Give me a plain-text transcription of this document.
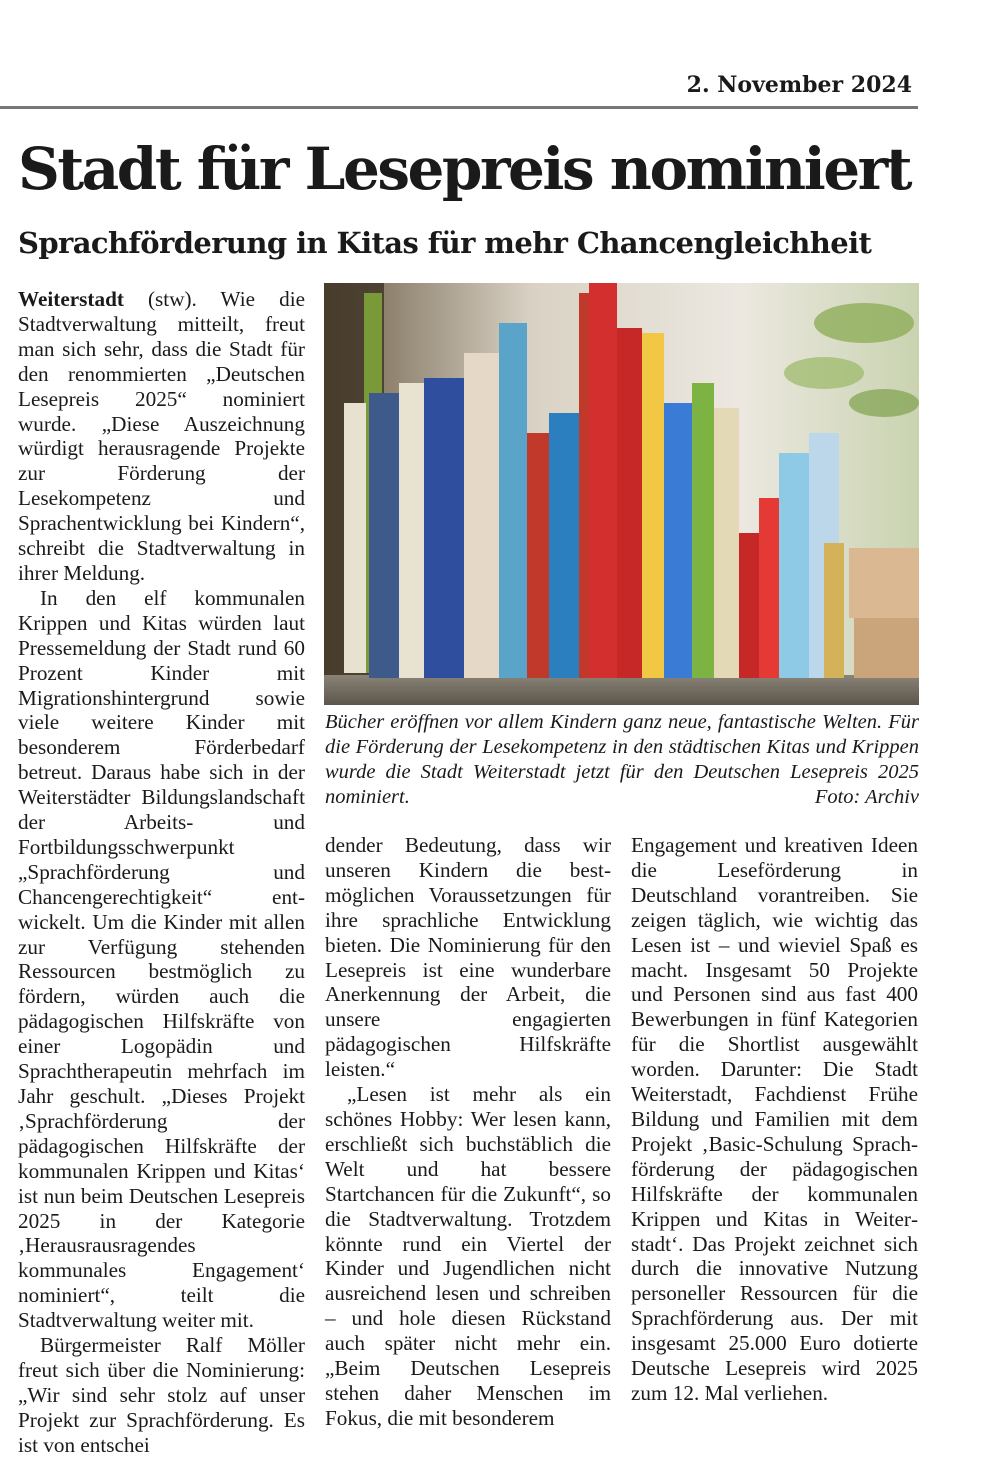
2. November 2024
Stadt für Lesepreis nominiert
Sprachförderung in Kitas für mehr Chancengleichheit

Weiterstadt (stw). Wie die Stadtverwaltung mitteilt, freut man sich sehr, dass die Stadt für den renommierten „Deutschen Lesepreis 2025“ nominiert wurde. „Diese Auszeichnung würdigt herausragende Projekte zur Förderung der Lesekompetenz und Sprachentwicklung bei Kindern“, schreibt die Stadtverwaltung in ihrer Meldung.

In den elf kommunalen Krippen und Kitas würden laut Pressemeldung der Stadt rund 60 Prozent Kinder mit Migrationshintergrund sowie viele weitere Kinder mit besonderem Förderbedarf betreut. Daraus habe sich in der Weiterstädter Bildungslandschaft der Arbeits- und Fortbildungsschwerpunkt „Sprachförderung und Chancengerechtigkeit“ entwickelt. Um die Kinder mit allen zur Verfügung stehenden Ressourcen bestmöglich zu fördern, würden auch die pädagogischen Hilfskräfte von einer Logopädin und Sprachtherapeutin mehrfach im Jahr geschult. „Dieses Projekt ‚Sprachförderung der pädagogischen Hilfskräfte der kommunalen Krippen und Kitas‘ ist nun beim Deutschen Lesepreis 2025 in der Kategorie ‚Herausrausragendes kommunales Engagement‘ nominiert“, teilt die Stadtverwaltung weiter mit.

Bürgermeister Ralf Möller freut sich über die Nominierung: „Wir sind sehr stolz auf unser Projekt zur Sprachförderung. Es ist von entschei

Bücher eröffnen vor allem Kindern ganz neue, fantastische Welten. Für die Förderung der Lesekompetenz in den städtischen Kitas und Krippen wurde die Stadt Weiterstadt jetzt für den Deutschen Lesepreis 2025 nominiert.	Foto: Archiv

dender Bedeutung, dass wir unseren Kindern die bestmöglichen Voraussetzungen für ihre sprachliche Entwicklung bieten. Die Nominierung für den Lesepreis ist eine wunderbare Anerkennung der Arbeit, die unsere engagierten pädagogischen Hilfskräfte leisten.“

„Lesen ist mehr als ein schönes Hobby: Wer lesen kann, erschließt sich buchstäblich die Welt und hat bessere Startchancen für die Zukunft“, so die Stadtverwaltung. Trotzdem könnte rund ein Viertel der Kinder und Jugendlichen nicht ausreichend lesen und schreiben – und hole diesen Rückstand auch später nicht mehr ein. „Beim Deutschen Lesepreis stehen daher Menschen im Fokus, die mit besonderem

Engagement und kreativen Ideen die Leseförderung in Deutschland vorantreiben. Sie zeigen täglich, wie wichtig das Lesen ist – und wieviel Spaß es macht. Insgesamt 50 Projekte und Personen sind aus fast 400 Bewerbungen in fünf Kategorien für die Shortlist ausgewählt worden. Darunter: Die Stadt Weiterstadt, Fachdienst Frühe Bildung und Familien mit dem Projekt ‚Basic-Schulung Sprachförderung der pädagogischen Hilfskräfte der kommunalen Krippen und Kitas in Weiterstadt‘. Das Projekt zeichnet sich durch die innovative Nutzung personeller Ressourcen für die Sprachförderung aus. Der mit insgesamt 25.000 Euro dotierte Deutsche Lesepreis wird 2025 zum 12. Mal verliehen.
